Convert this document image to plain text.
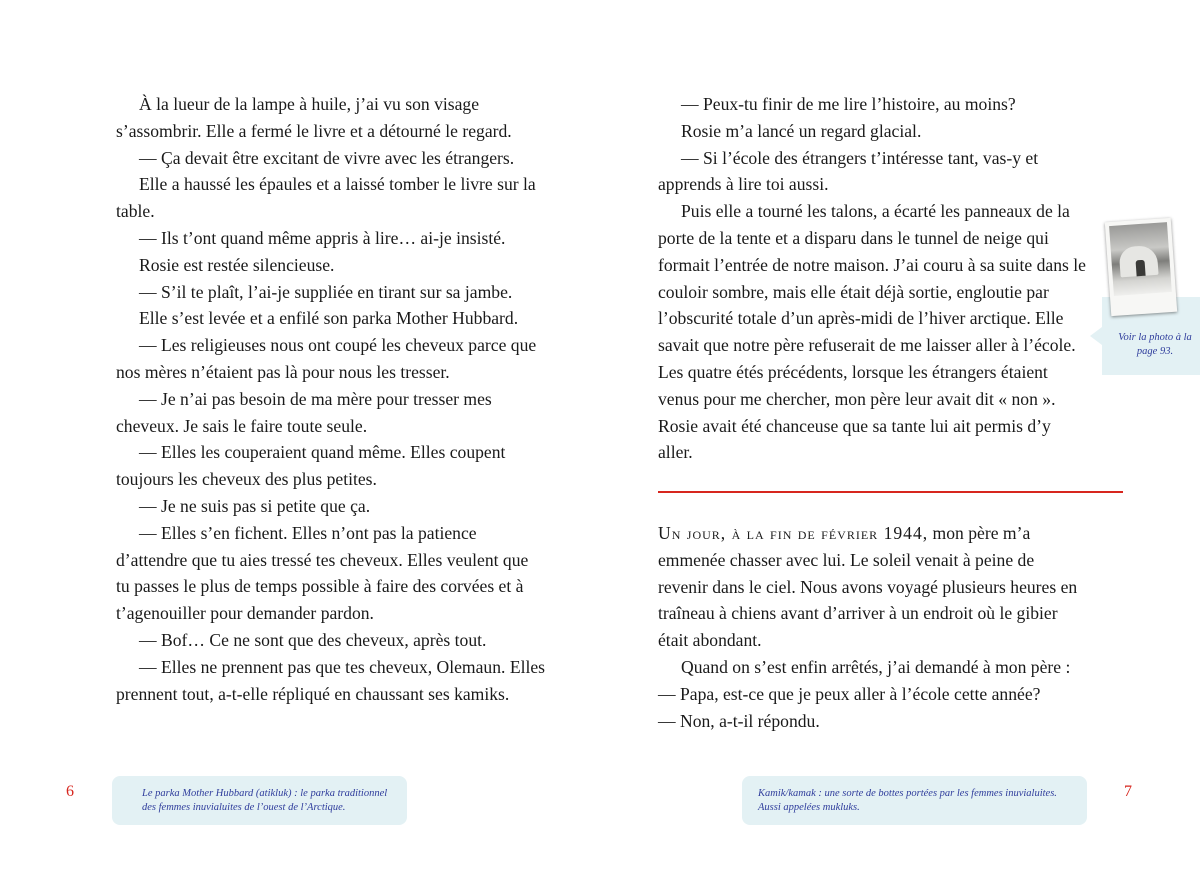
À la lueur de la lampe à huile, j’ai vu son visage s’assombrir. Elle a fermé le livre et a détourné le regard.

— Ça devait être excitant de vivre avec les étrangers.

Elle a haussé les épaules et a laissé tomber le livre sur la table.

— Ils t’ont quand même appris à lire… ai-je insisté.

Rosie est restée silencieuse.

— S’il te plaît, l’ai-je suppliée en tirant sur sa jambe.

Elle s’est levée et a enfilé son parka Mother Hubbard.

— Les religieuses nous ont coupé les cheveux parce que nos mères n’étaient pas là pour nous les tresser.

— Je n’ai pas besoin de ma mère pour tresser mes cheveux. Je sais le faire toute seule.

— Elles les couperaient quand même. Elles coupent toujours les cheveux des plus petites.

— Je ne suis pas si petite que ça.

— Elles s’en fichent. Elles n’ont pas la patience d’attendre que tu aies tressé tes cheveux. Elles veulent que tu passes le plus de temps possible à faire des corvées et à t’agenouiller pour demander pardon.

— Bof… Ce ne sont que des cheveux, après tout.

— Elles ne prennent pas que tes cheveux, Olemaun. Elles prennent tout, a-t-elle répliqué en chaussant ses kamiks.

6	Le parka Mother Hubbard (atikluk) : le parka traditionnel des femmes inuvialuites de l’ouest de l’Arctique.

— Peux-tu finir de me lire l’histoire, au moins?

Rosie m’a lancé un regard glacial.

— Si l’école des étrangers t’intéresse tant, vas-y et apprends à lire toi aussi.

Puis elle a tourné les talons, a écarté les panneaux de la porte de la tente et a disparu dans le tunnel de neige qui formait l’entrée de notre maison. J’ai couru à sa suite dans le couloir sombre, mais elle était déjà sortie, engloutie par l’obscurité totale d’un après-midi de l’hiver arctique. Elle savait que notre père refuserait de me laisser aller à l’école. Les quatre étés précédents, lorsque les étrangers étaient venus pour me chercher, mon père leur avait dit « non ». Rosie avait été chanceuse que sa tante lui ait permis d’y aller.

Un jour, à la fin de février 1944, mon père m’a emmenée chasser avec lui. Le soleil venait à peine de revenir dans le ciel. Nous avons voyagé plusieurs heures en traîneau à chiens avant d’arriver à un endroit où le gibier était abondant.

Quand on s’est enfin arrêtés, j’ai demandé à mon père :

— Papa, est-ce que je peux aller à l’école cette année?

— Non, a-t-il répondu.

Voir la photo à la page 93.
Kamik/kamak : une sorte de bottes portées par les femmes inuvialuites. Aussi appelées mukluks.
7
